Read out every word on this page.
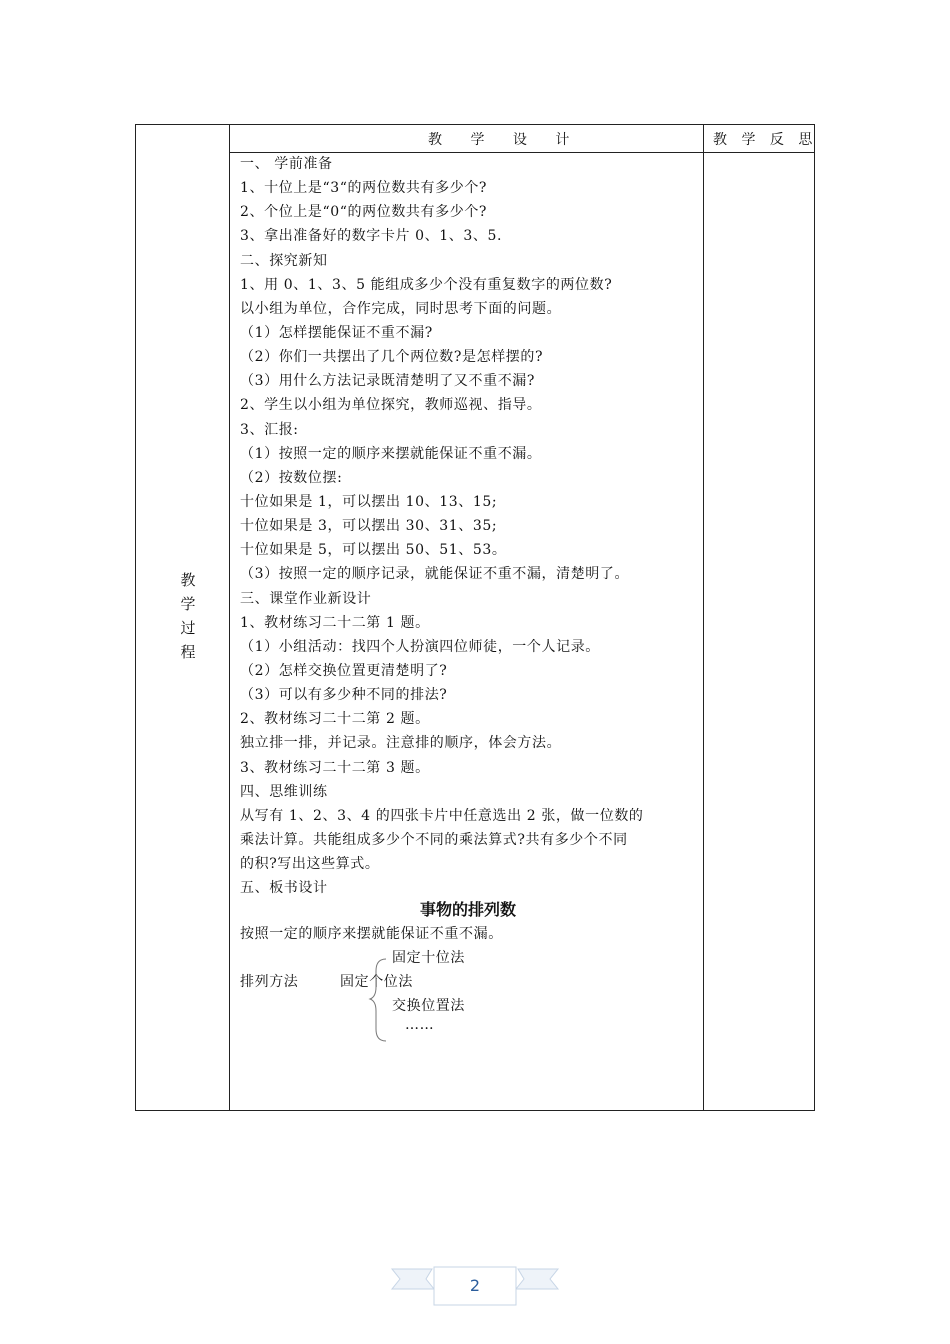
教 学 设 计	教 学 反 思
教
学
过
程
一、 学前准备
1、十位上是“3“的两位数共有多少个?
2、个位上是“0“的两位数共有多少个?
3、拿出准备好的数字卡片 0、1、3、5.
二、探究新知
1、用 0、1、3、5 能组成多少个没有重复数字的两位数?
以小组为单位，合作完成，同时思考下面的问题。
（1）怎样摆能保证不重不漏?
（2）你们一共摆出了几个两位数?是怎样摆的?
（3）用什么方法记录既清楚明了又不重不漏?
2、学生以小组为单位探究，教师巡视、指导。
3、汇报:
（1）按照一定的顺序来摆就能保证不重不漏。
（2）按数位摆:
十位如果是 1，可以摆出 10、13、15;
十位如果是 3，可以摆出 30、31、35;
十位如果是 5，可以摆出 50、51、53。
（3）按照一定的顺序记录，就能保证不重不漏，清楚明了。
三、课堂作业新设计
1、教材练习二十二第 1 题。
（1）小组活动：找四个人扮演四位师徒，一个人记录。
（2）怎样交换位置更清楚明了?
（3）可以有多少种不同的排法?
2、教材练习二十二第 2 题。
独立排一排，并记录。注意排的顺序，体会方法。
3、教材练习二十二第 3 题。
四、思维训练
从写有 1、2、3、4 的四张卡片中任意选出 2 张，做一位数的
乘法计算。共能组成多少个不同的乘法算式?共有多少个不同
的积?写出这些算式。
五、板书设计
事物的排列数
按照一定的顺序来摆就能保证不重不漏。
排列方法
固定十位法
固定个位法
交换位置法
……
2
